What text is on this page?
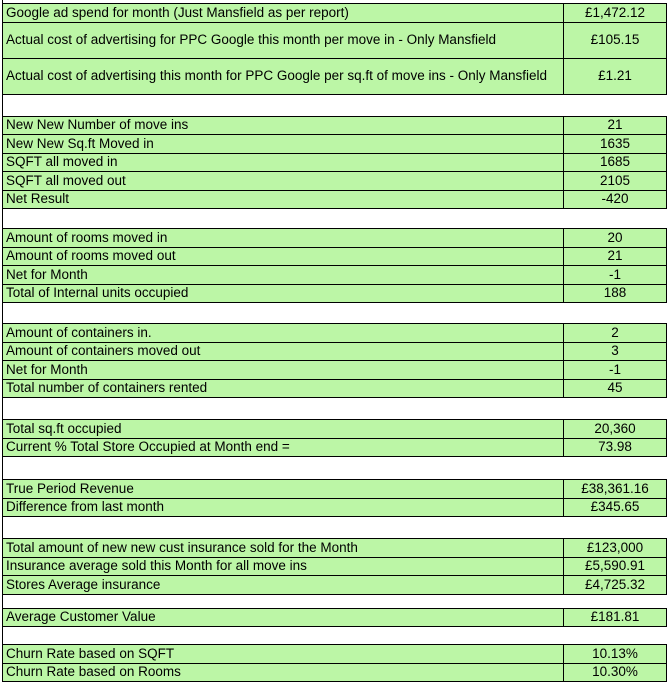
Google ad spend for month (Just Mansfield as per report)	£1,472.12
Actual cost of advertising for PPC Google this month per move in - Only Mansfield	£105.15
Actual cost of advertising this month for PPC Google per sq.ft of move ins - Only Mansfield	£1.21
New New Number of move ins	21
New New Sq.ft Moved in	1635
SQFT all moved in	1685
SQFT all moved out	2105
Net Result	-420
Amount of rooms moved in	20
Amount of rooms moved out	21
Net for Month	-1
Total of Internal units occupied	188
Amount of containers in.	2
Amount of containers moved out	3
Net for Month	-1
Total number of containers rented	45
Total sq.ft occupied	20,360
Current % Total Store Occupied at Month end =	73.98
True Period Revenue	£38,361.16
Difference from last month	£345.65
Total amount of new new cust insurance sold for the Month	£123,000
Insurance average sold this Month for all move ins	£5,590.91
Stores Average insurance	£4,725.32
Average Customer Value	£181.81
Churn Rate based on SQFT	10.13%
Churn Rate based on Rooms	10.30%
